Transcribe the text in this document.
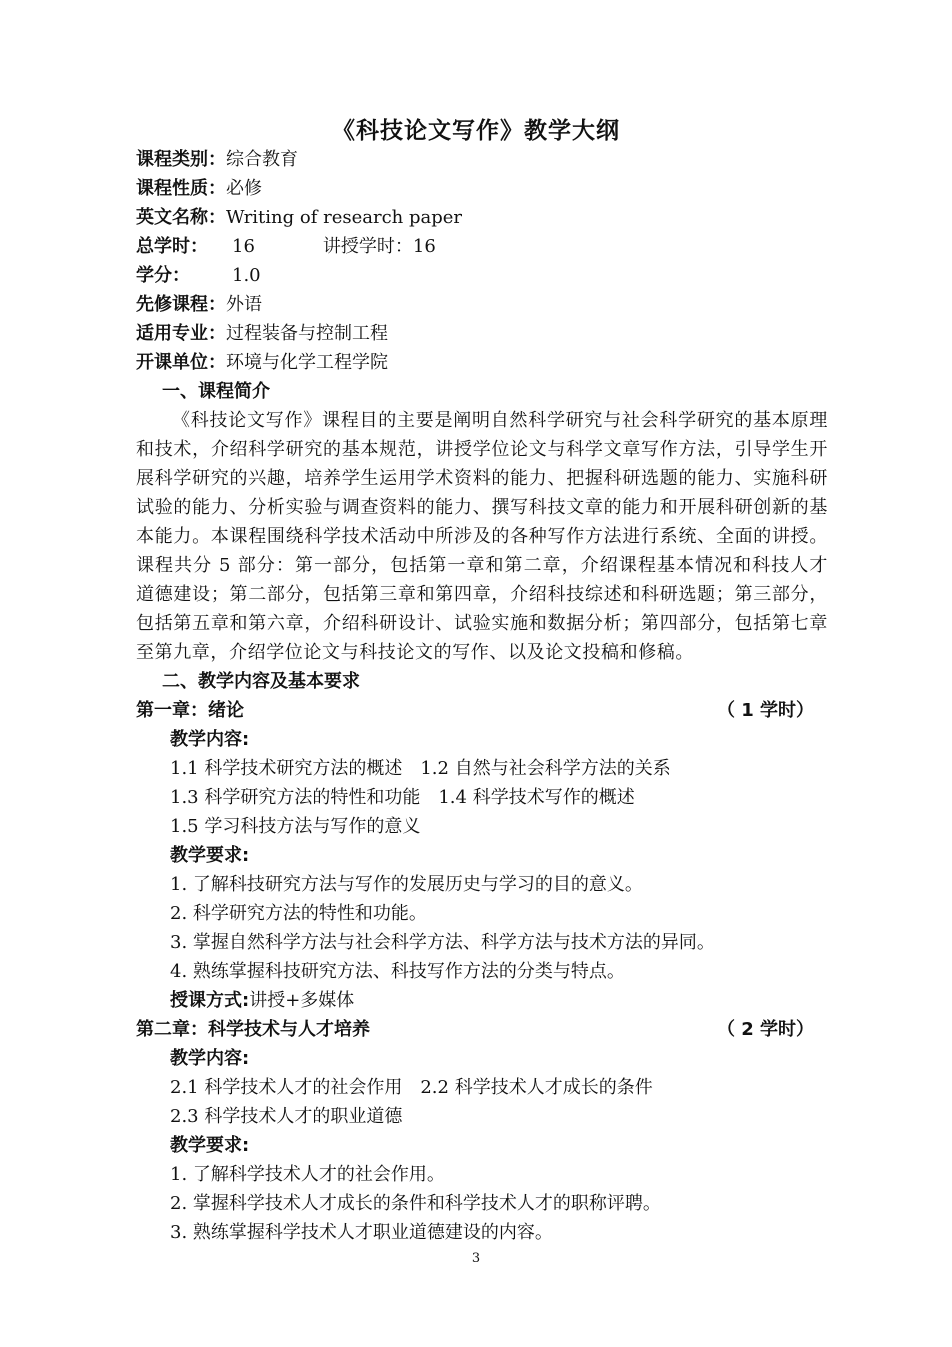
《科技论文写作》教学大纲
课程类别：综合教育
课程性质：必修
英文名称：Writing of research paper
总学时： 16	讲授学时：16
学分： 1.0
先修课程：外语
适用专业：过程装备与控制工程
开课单位：环境与化学工程学院
一、课程简介

《科技论文写作》课程目的主要是阐明自然科学研究与社会科学研究的基本原理和技术，介绍科学研究的基本规范，讲授学位论文与科学文章写作方法，引导学生开展科学研究的兴趣，培养学生运用学术资料的能力、把握科研选题的能力、实施科研试验的能力、分析实验与调查资料的能力、撰写科技文章的能力和开展科研创新的基本能力。本课程围绕科学技术活动中所涉及的各种写作方法进行系统、全面的讲授。课程共分 5 部分：第一部分，包括第一章和第二章，介绍课程基本情况和科技人才道德建设；第二部分，包括第三章和第四章，介绍科技综述和科研选题；第三部分，包括第五章和第六章，介绍科研设计、试验实施和数据分析；第四部分，包括第七章至第九章，介绍学位论文与科技论文的写作、以及论文投稿和修稿。

二、教学内容及基本要求
第一章：绪论	（ 1 学时）
教学内容:
1.1 科学技术研究方法的概述　1.2 自然与社会科学方法的关系
1.3 科学研究方法的特性和功能　1.4 科学技术写作的概述
1.5 学习科技方法与写作的意义
教学要求:
1. 了解科技研究方法与写作的发展历史与学习的目的意义。
2. 科学研究方法的特性和功能。
3. 掌握自然科学方法与社会科学方法、科学方法与技术方法的异同。
4. 熟练掌握科技研究方法、科技写作方法的分类与特点。
授课方式:讲授+多媒体
第二章：科学技术与人才培养	（ 2 学时）
教学内容:
2.1 科学技术人才的社会作用　2.2 科学技术人才成长的条件
2.3 科学技术人才的职业道德
教学要求:
1. 了解科学技术人才的社会作用。
2. 掌握科学技术人才成长的条件和科学技术人才的职称评聘。
3. 熟练掌握科学技术人才职业道德建设的内容。
3
